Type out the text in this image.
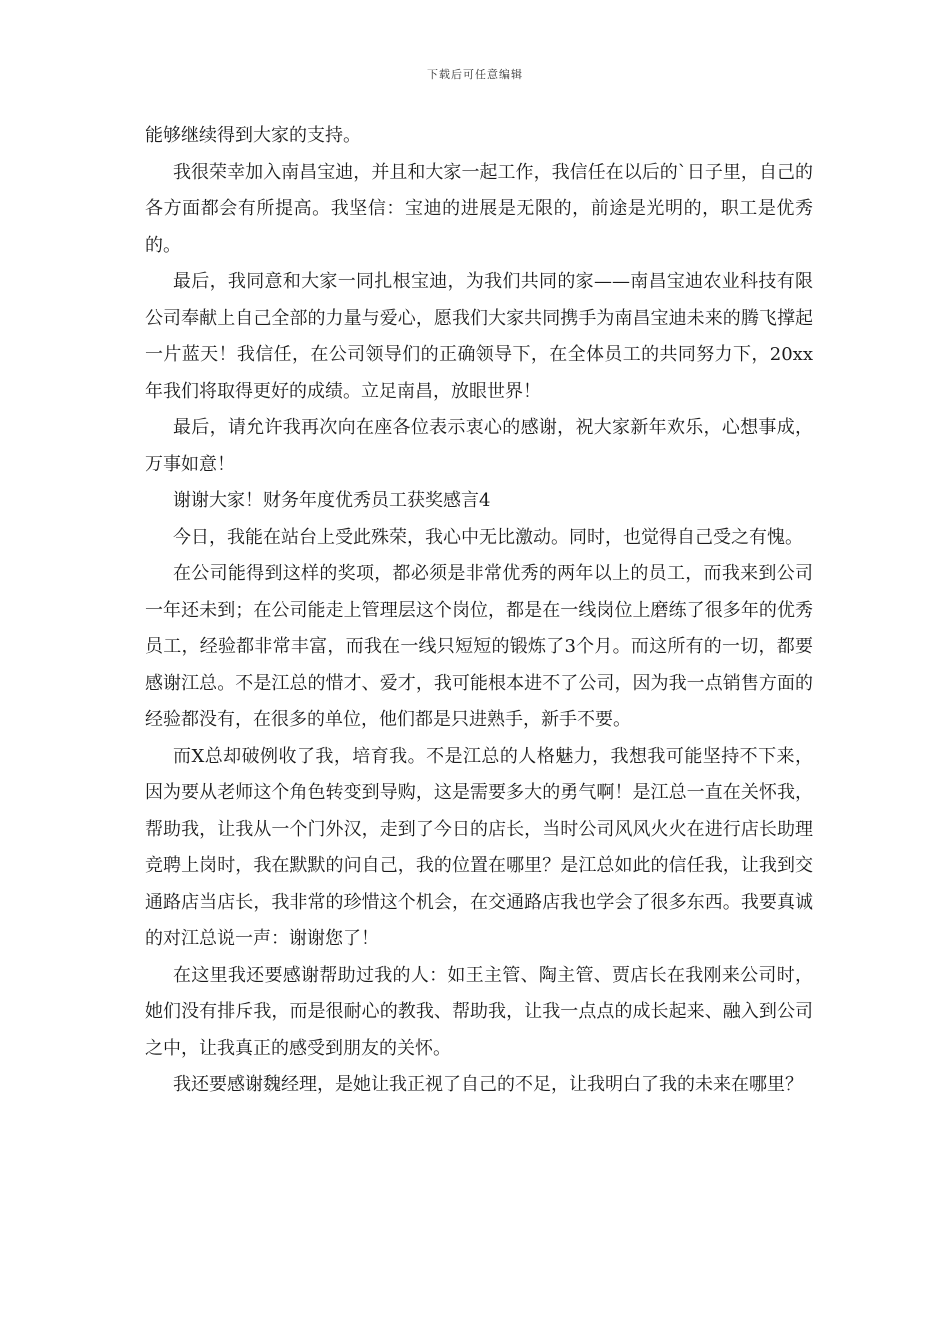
下载后可任意编辑

能够继续得到大家的支持。

我很荣幸加入南昌宝迪，并且和大家一起工作，我信任在以后的`日子里，自己的各方面都会有所提高。我坚信：宝迪的进展是无限的，前途是光明的，职工是优秀的。

最后，我同意和大家一同扎根宝迪，为我们共同的家——南昌宝迪农业科技有限公司奉献上自己全部的力量与爱心，愿我们大家共同携手为南昌宝迪未来的腾飞撑起一片蓝天！我信任，在公司领导们的正确领导下，在全体员工的共同努力下，20xx年我们将取得更好的成绩。立足南昌，放眼世界！

最后，请允许我再次向在座各位表示衷心的感谢，祝大家新年欢乐，心想事成，万事如意！

谢谢大家！财务年度优秀员工获奖感言4

今日，我能在站台上受此殊荣，我心中无比激动。同时，也觉得自己受之有愧。

在公司能得到这样的奖项，都必须是非常优秀的两年以上的员工，而我来到公司一年还未到；在公司能走上管理层这个岗位，都是在一线岗位上磨练了很多年的优秀员工，经验都非常丰富，而我在一线只短短的锻炼了3个月。而这所有的一切，都要感谢江总。不是江总的惜才、爱才，我可能根本进不了公司，因为我一点销售方面的经验都没有，在很多的单位，他们都是只进熟手，新手不要。

而X总却破例收了我，培育我。不是江总的人格魅力，我想我可能坚持不下来，因为要从老师这个角色转变到导购，这是需要多大的勇气啊！是江总一直在关怀我，帮助我，让我从一个门外汉，走到了今日的店长，当时公司风风火火在进行店长助理竞聘上岗时，我在默默的问自己，我的位置在哪里？是江总如此的信任我，让我到交通路店当店长，我非常的珍惜这个机会，在交通路店我也学会了很多东西。我要真诚的对江总说一声：谢谢您了！

在这里我还要感谢帮助过我的人：如王主管、陶主管、贾店长在我刚来公司时，她们没有排斥我，而是很耐心的教我、帮助我，让我一点点的成长起来、融入到公司之中，让我真正的感受到朋友的关怀。

我还要感谢魏经理，是她让我正视了自己的不足，让我明白了我的未来在哪里？
